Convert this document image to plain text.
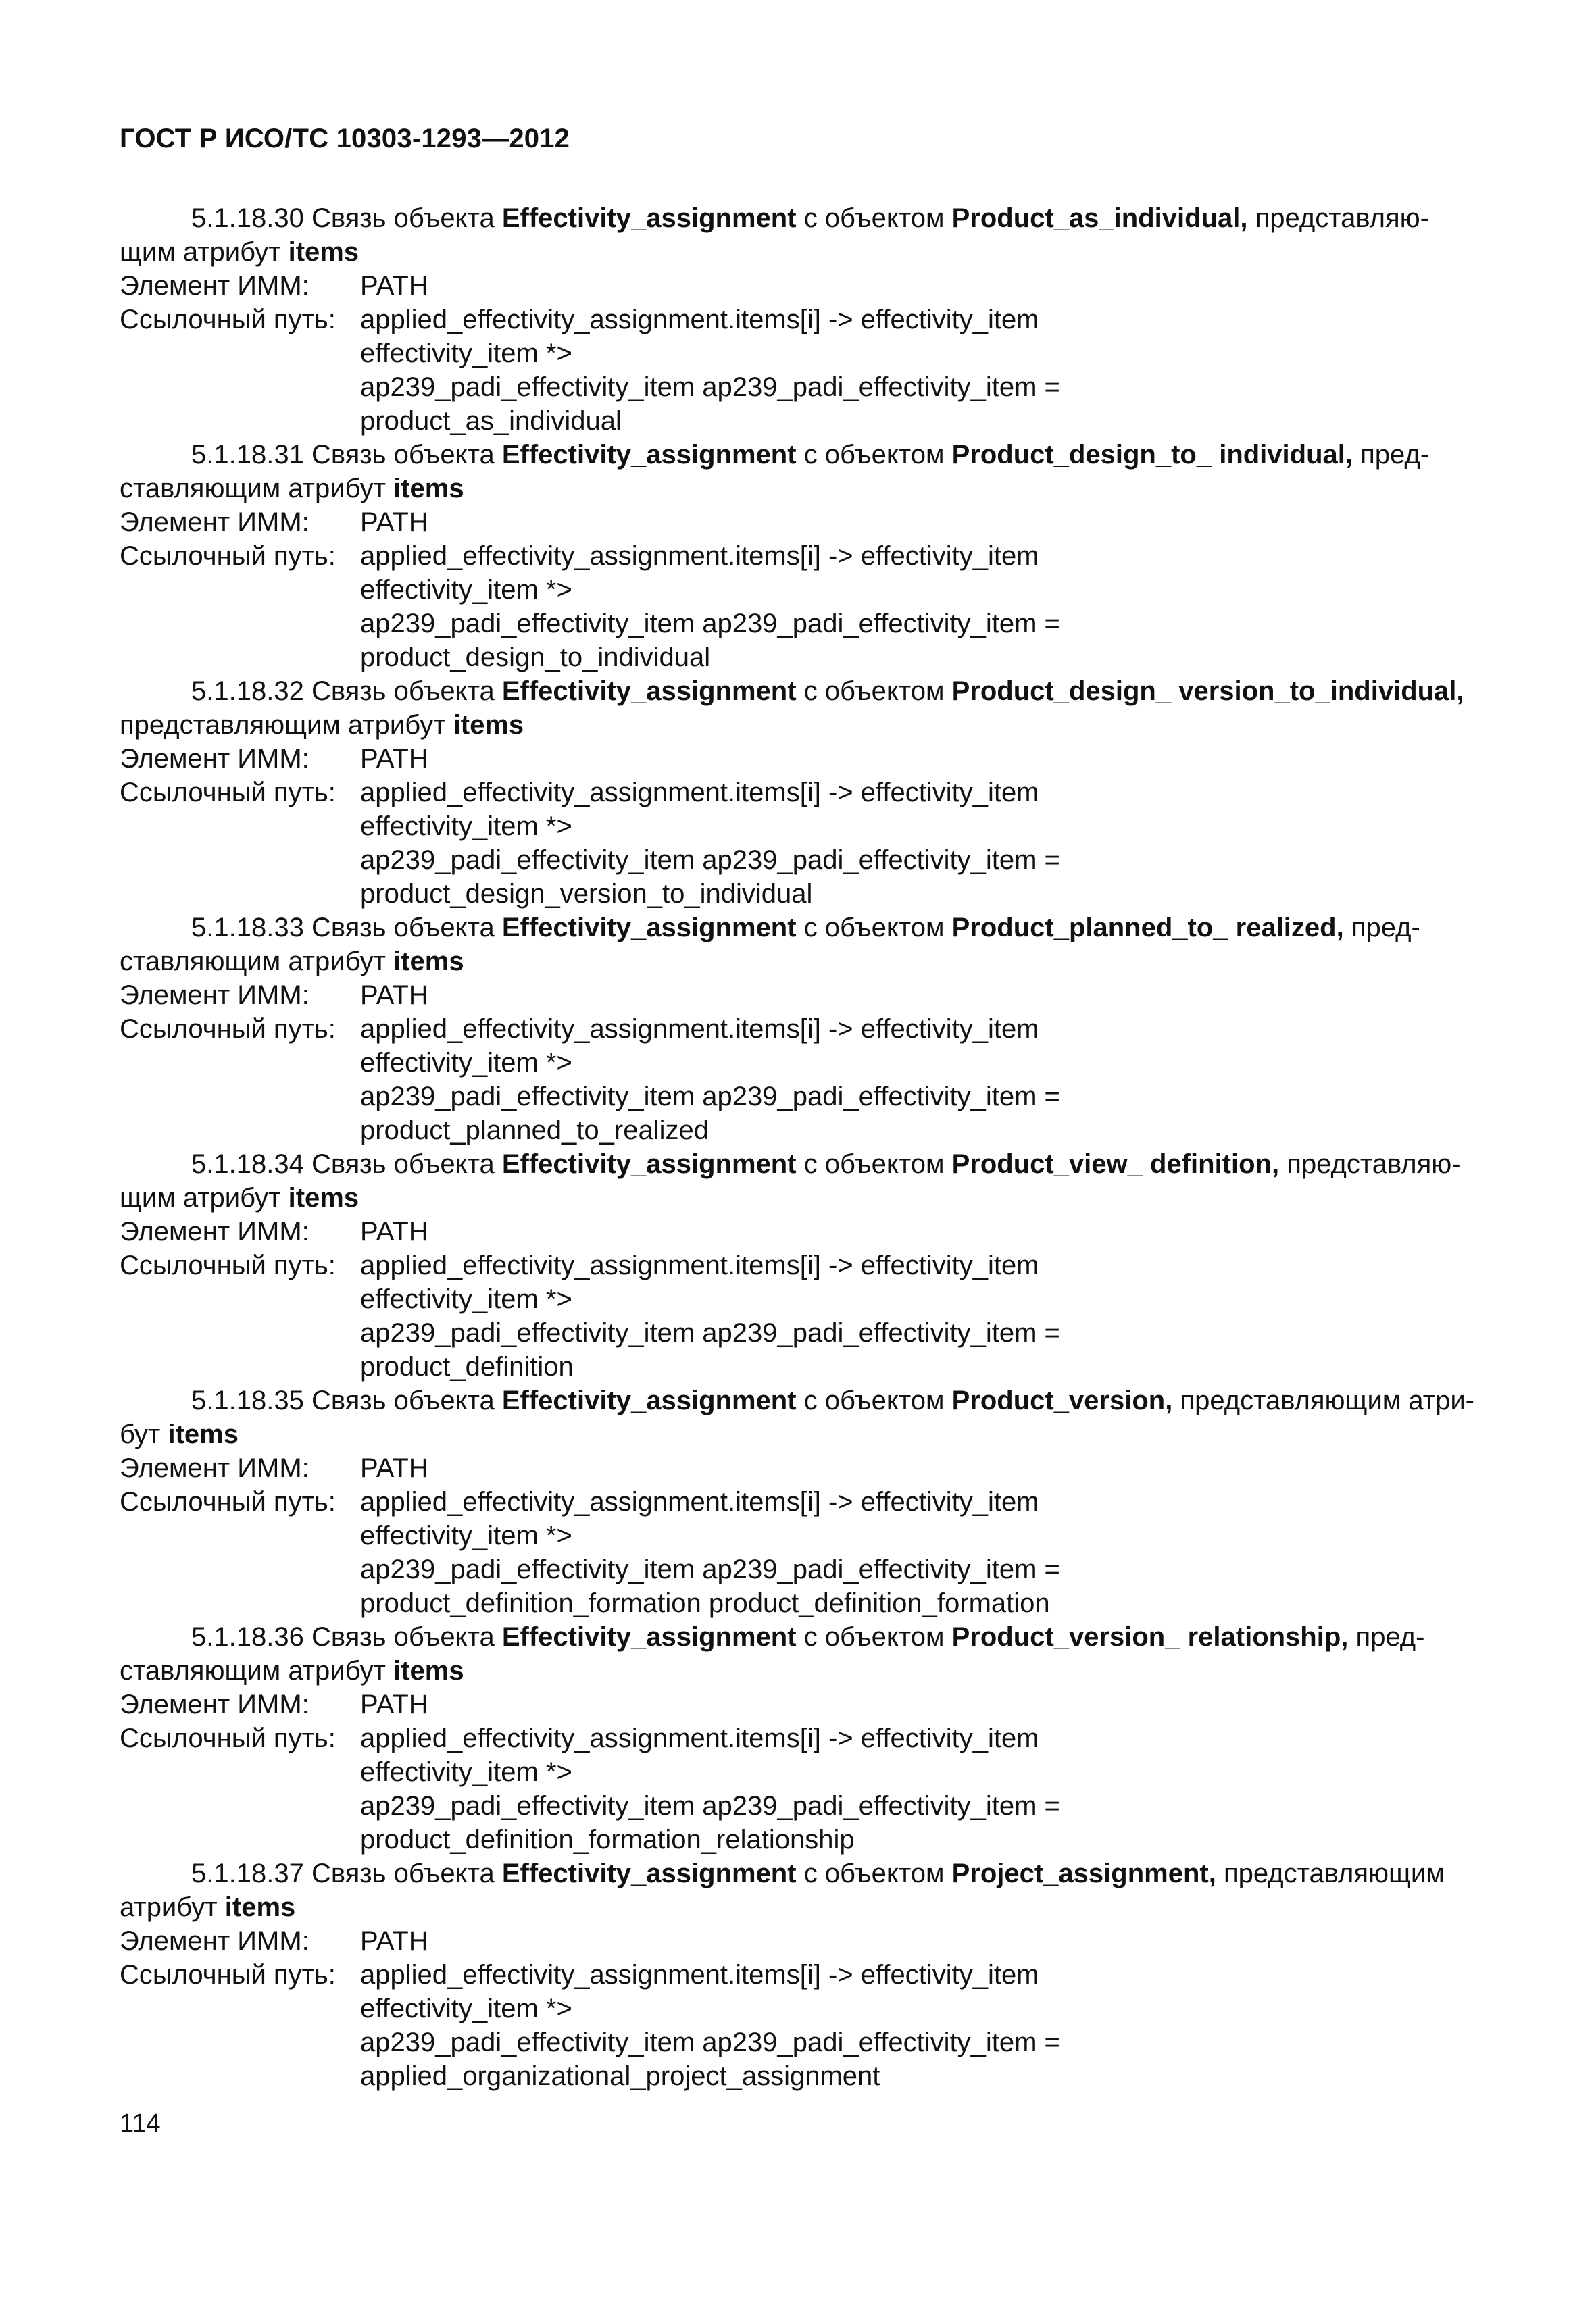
ГОСТ Р ИСО/ТС 10303-1293—2012

5.1.18.30 Связь объекта Effectivity_assignment с объектом Product_as_individual, представляю-
щим атрибут items

Элемент ИММ:	PATH
Ссылочный путь: applied_effectivity_assignment.items[i] -> effectivity_item
effectivity_item *>
ap239_padi_effectivity_item ap239_padi_effectivity_item =
product_as_individual

5.1.18.31 Связь объекта Effectivity_assignment с объектом Product_design_to_ individual, пред-
ставляющим атрибут items

Элемент ИММ:	PATH
Ссылочный путь: applied_effectivity_assignment.items[i] -> effectivity_item
effectivity_item *>
ap239_padi_effectivity_item ap239_padi_effectivity_item =
product_design_to_individual

5.1.18.32 Связь объекта Effectivity_assignment с объектом Product_design_ version_to_individual,
представляющим атрибут items

Элемент ИММ:	PATH
Ссылочный путь: applied_effectivity_assignment.items[i] -> effectivity_item
effectivity_item *>
ap239_padi_effectivity_item ap239_padi_effectivity_item =
product_design_version_to_individual

5.1.18.33 Связь объекта Effectivity_assignment с объектом Product_planned_to_ realized, пред-
ставляющим атрибут items

Элемент ИММ:	PATH
Ссылочный путь: applied_effectivity_assignment.items[i] -> effectivity_item
effectivity_item *>
ap239_padi_effectivity_item ap239_padi_effectivity_item =
product_planned_to_realized

5.1.18.34 Связь объекта Effectivity_assignment с объектом Product_view_ definition, представляю-
щим атрибут items

Элемент ИММ:	PATH
Ссылочный путь: applied_effectivity_assignment.items[i] -> effectivity_item
effectivity_item *>
ap239_padi_effectivity_item ap239_padi_effectivity_item =
product_definition

5.1.18.35 Связь объекта Effectivity_assignment с объектом Product_version, представляющим атри-
бут items

Элемент ИММ:	PATH
Ссылочный путь: applied_effectivity_assignment.items[i] -> effectivity_item
effectivity_item *>
ap239_padi_effectivity_item ap239_padi_effectivity_item =
product_definition_formation product_definition_formation

5.1.18.36 Связь объекта Effectivity_assignment с объектом Product_version_ relationship, пред-
ставляющим атрибут items

Элемент ИММ:	PATH
Ссылочный путь: applied_effectivity_assignment.items[i] -> effectivity_item
effectivity_item *>
ap239_padi_effectivity_item ap239_padi_effectivity_item =
product_definition_formation_relationship

5.1.18.37 Связь объекта Effectivity_assignment с объектом Project_assignment, представляющим
атрибут items

Элемент ИММ:	PATH
Ссылочный путь: applied_effectivity_assignment.items[i] -> effectivity_item
effectivity_item *>
ap239_padi_effectivity_item ap239_padi_effectivity_item =
applied_organizational_project_assignment
114
